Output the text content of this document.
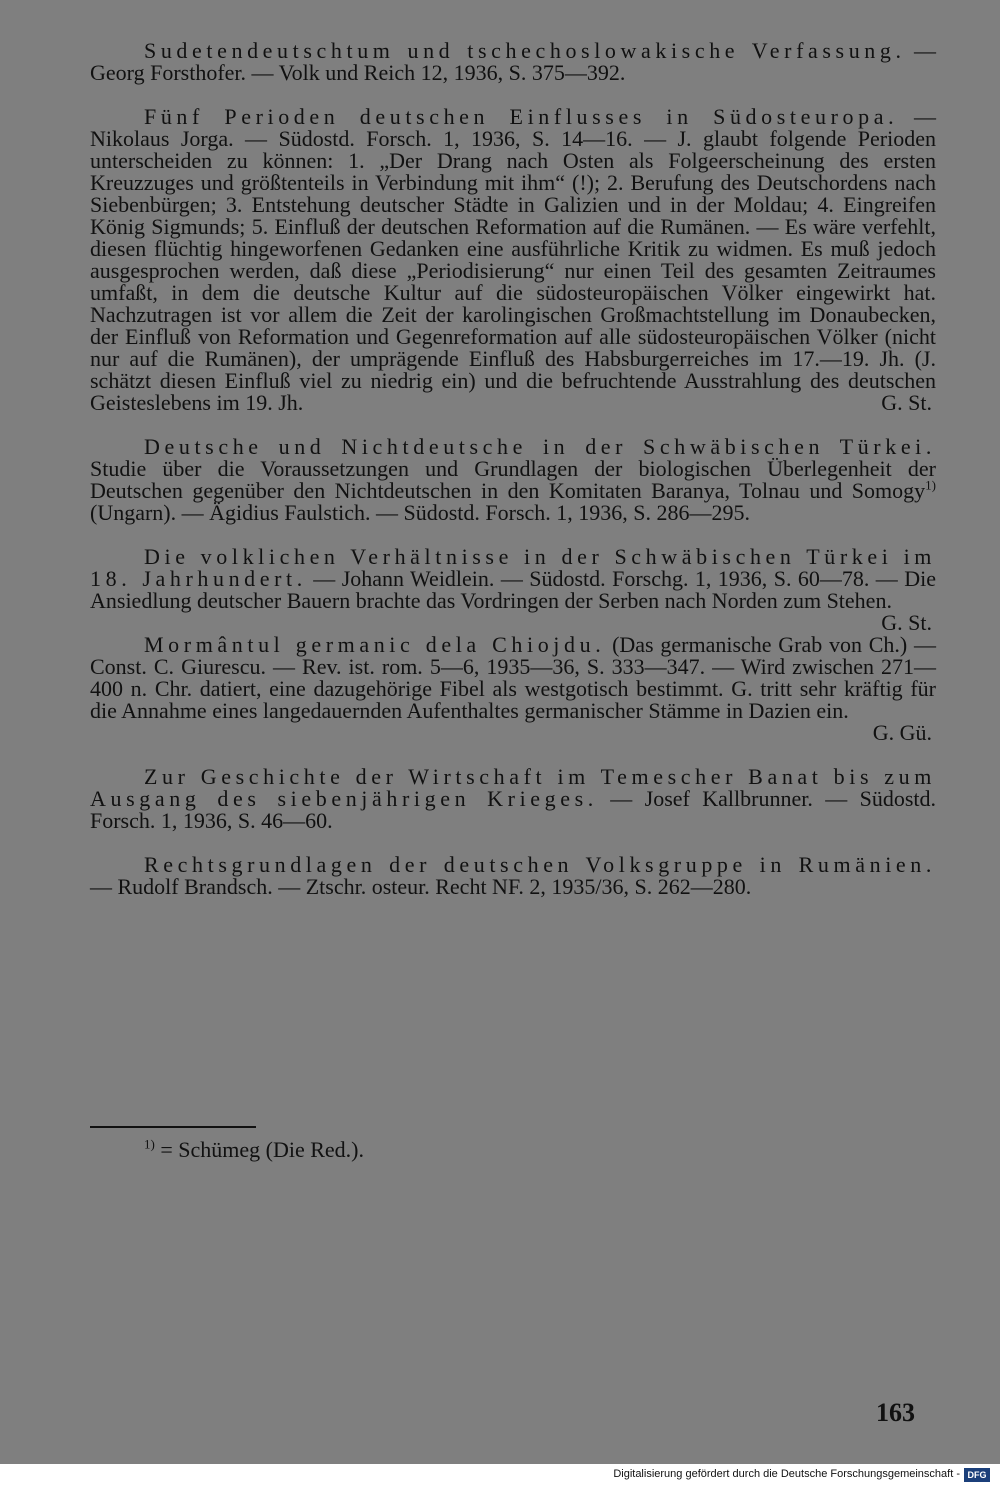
Sudetendeutschtum und tschechoslowakische Verfassung. — Georg Forsthofer. — Volk und Reich 12, 1936, S. 375—392.

Fünf Perioden deutschen Einflusses in Südosteuropa. — Nikolaus Jorga. — Südostd. Forsch. 1, 1936, S. 14—16. — J. glaubt folgende Perioden unterscheiden zu können: 1. „Der Drang nach Osten als Folgeerscheinung des ersten Kreuzzuges und größtenteils in Verbindung mit ihm“ (!); 2. Berufung des Deutschordens nach Siebenbürgen; 3. Entstehung deutscher Städte in Galizien und in der Moldau; 4. Eingreifen König Sigmunds; 5. Einfluß der deutschen Reformation auf die Rumänen. — Es wäre verfehlt, diesen flüchtig hingeworfenen Gedanken eine ausführliche Kritik zu widmen. Es muß jedoch ausgesprochen werden, daß diese „Periodisierung“ nur einen Teil des gesamten Zeitraumes umfaßt, in dem die deutsche Kultur auf die südosteuropäischen Völker eingewirkt hat. Nachzutragen ist vor allem die Zeit der karolingischen Großmachtstellung im Donaubecken, der Einfluß von Reformation und Gegenreformation auf alle südosteuropäischen Völker (nicht nur auf die Rumänen), der umprägende Einfluß des Habsburgerreiches im 17.—19. Jh. (J. schätzt diesen Einfluß viel zu niedrig ein) und die befruchtende Ausstrahlung des deutschen Geisteslebens im 19. Jh.	G. St.

Deutsche und Nichtdeutsche in der Schwäbischen Türkei. Studie über die Voraussetzungen und Grundlagen der biologischen Überlegenheit der Deutschen gegenüber den Nichtdeutschen in den Komitaten Baranya, Tolnau und Somogy$^{1)}$ (Ungarn). — Ägidius Faulstich. — Südostd. Forsch. 1, 1936, S. 286—295.

Die volklichen Verhältnisse in der Schwäbischen Türkei im 18. Jahrhundert. — Johann Weidlein. — Südostd. Forschg. 1, 1936, S. 60—78. — Die Ansiedlung deutscher Bauern brachte das Vordringen der Serben nach Norden zum Stehen.
G. St.

Mormântul germanic dela Chiojdu. (Das germanische Grab von Ch.) — Const. C. Giurescu. — Rev. ist. rom. 5—6, 1935—36, S. 333—347. — Wird zwischen 271—400 n. Chr. datiert, eine dazugehörige Fibel als westgotisch bestimmt. G. tritt sehr kräftig für die Annahme eines langedauernden Aufenthaltes germanischer Stämme in Dazien ein.

G. Gü.

Zur Geschichte der Wirtschaft im Temescher Banat bis zum Ausgang des siebenjährigen Krieges. — Josef Kallbrunner. — Südostd. Forsch. 1, 1936, S. 46—60.

Rechtsgrundlagen der deutschen Volksgruppe in Rumänien. — Rudolf Brandsch. — Ztschr. osteur. Recht NF. 2, 1935/36, S. 262—280.

$^{1)}$ = Schümeg (Die Red.).
163
Digitalisierung gefördert durch die Deutsche Forschungsgemeinschaft - DFG
